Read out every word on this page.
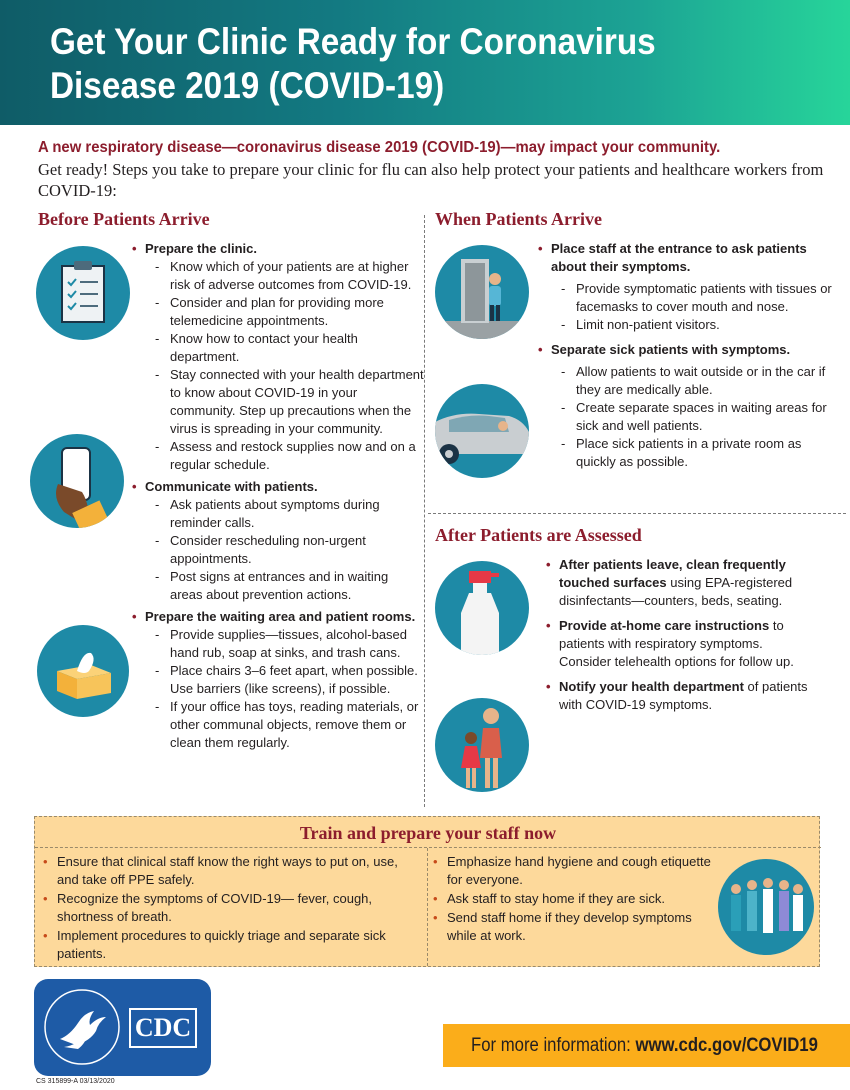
Get Your Clinic Ready for Coronavirus Disease 2019 (COVID-19)
A new respiratory disease—coronavirus disease 2019 (COVID-19)—may impact your community.
Get ready! Steps you take to prepare your clinic for flu can also help protect your patients and healthcare workers from COVID-19:
Before Patients Arrive	When Patients Arrive
After Patients are Assessed
• Prepare the clinic.
- Know which of your patients are at higher risk of adverse outcomes from COVID-19.
- Consider and plan for providing more telemedicine appointments.
- Know how to contact your health department.
- Stay connected with your health department to know about COVID-19 in your community. Step up precautions when the virus is spreading in your community.
- Assess and restock supplies now and on a regular schedule.
• Communicate with patients.
- Ask patients about symptoms during reminder calls.
- Consider rescheduling non-urgent appointments.
- Post signs at entrances and in waiting areas about prevention actions.
• Prepare the waiting area and patient rooms.
- Provide supplies—tissues, alcohol-based hand rub, soap at sinks, and trash cans.
- Place chairs 3–6 feet apart, when possible. Use barriers (like screens), if possible.
- If your office has toys, reading materials, or other communal objects, remove them or clean them regularly.
• Place staff at the entrance to ask patients about their symptoms.
- Provide symptomatic patients with tissues or facemasks to cover mouth and nose.
- Limit non-patient visitors.
• Separate sick patients with symptoms.
- Allow patients to wait outside or in the car if they are medically able.
- Create separate spaces in waiting areas for sick and well patients.
- Place sick patients in a private room as quickly as possible.
• After patients leave, clean frequently touched surfaces using EPA-registered disinfectants—counters, beds, seating.
• Provide at-home care instructions to patients with respiratory symptoms. Consider telehealth options for follow up.
• Notify your health department of patients with COVID-19 symptoms.
Train and prepare your staff now
• Ensure that clinical staff know the right ways to put on, use, and take off PPE safely.
• Recognize the symptoms of COVID-19— fever, cough, shortness of breath.
• Implement procedures to quickly triage and separate sick patients.
• Emphasize hand hygiene and cough etiquette for everyone.
• Ask staff to stay home if they are sick.
• Send staff home if they develop symptoms while at work.
CDC
CS 315899-A 03/13/2020
For more information: www.cdc.gov/COVID19
